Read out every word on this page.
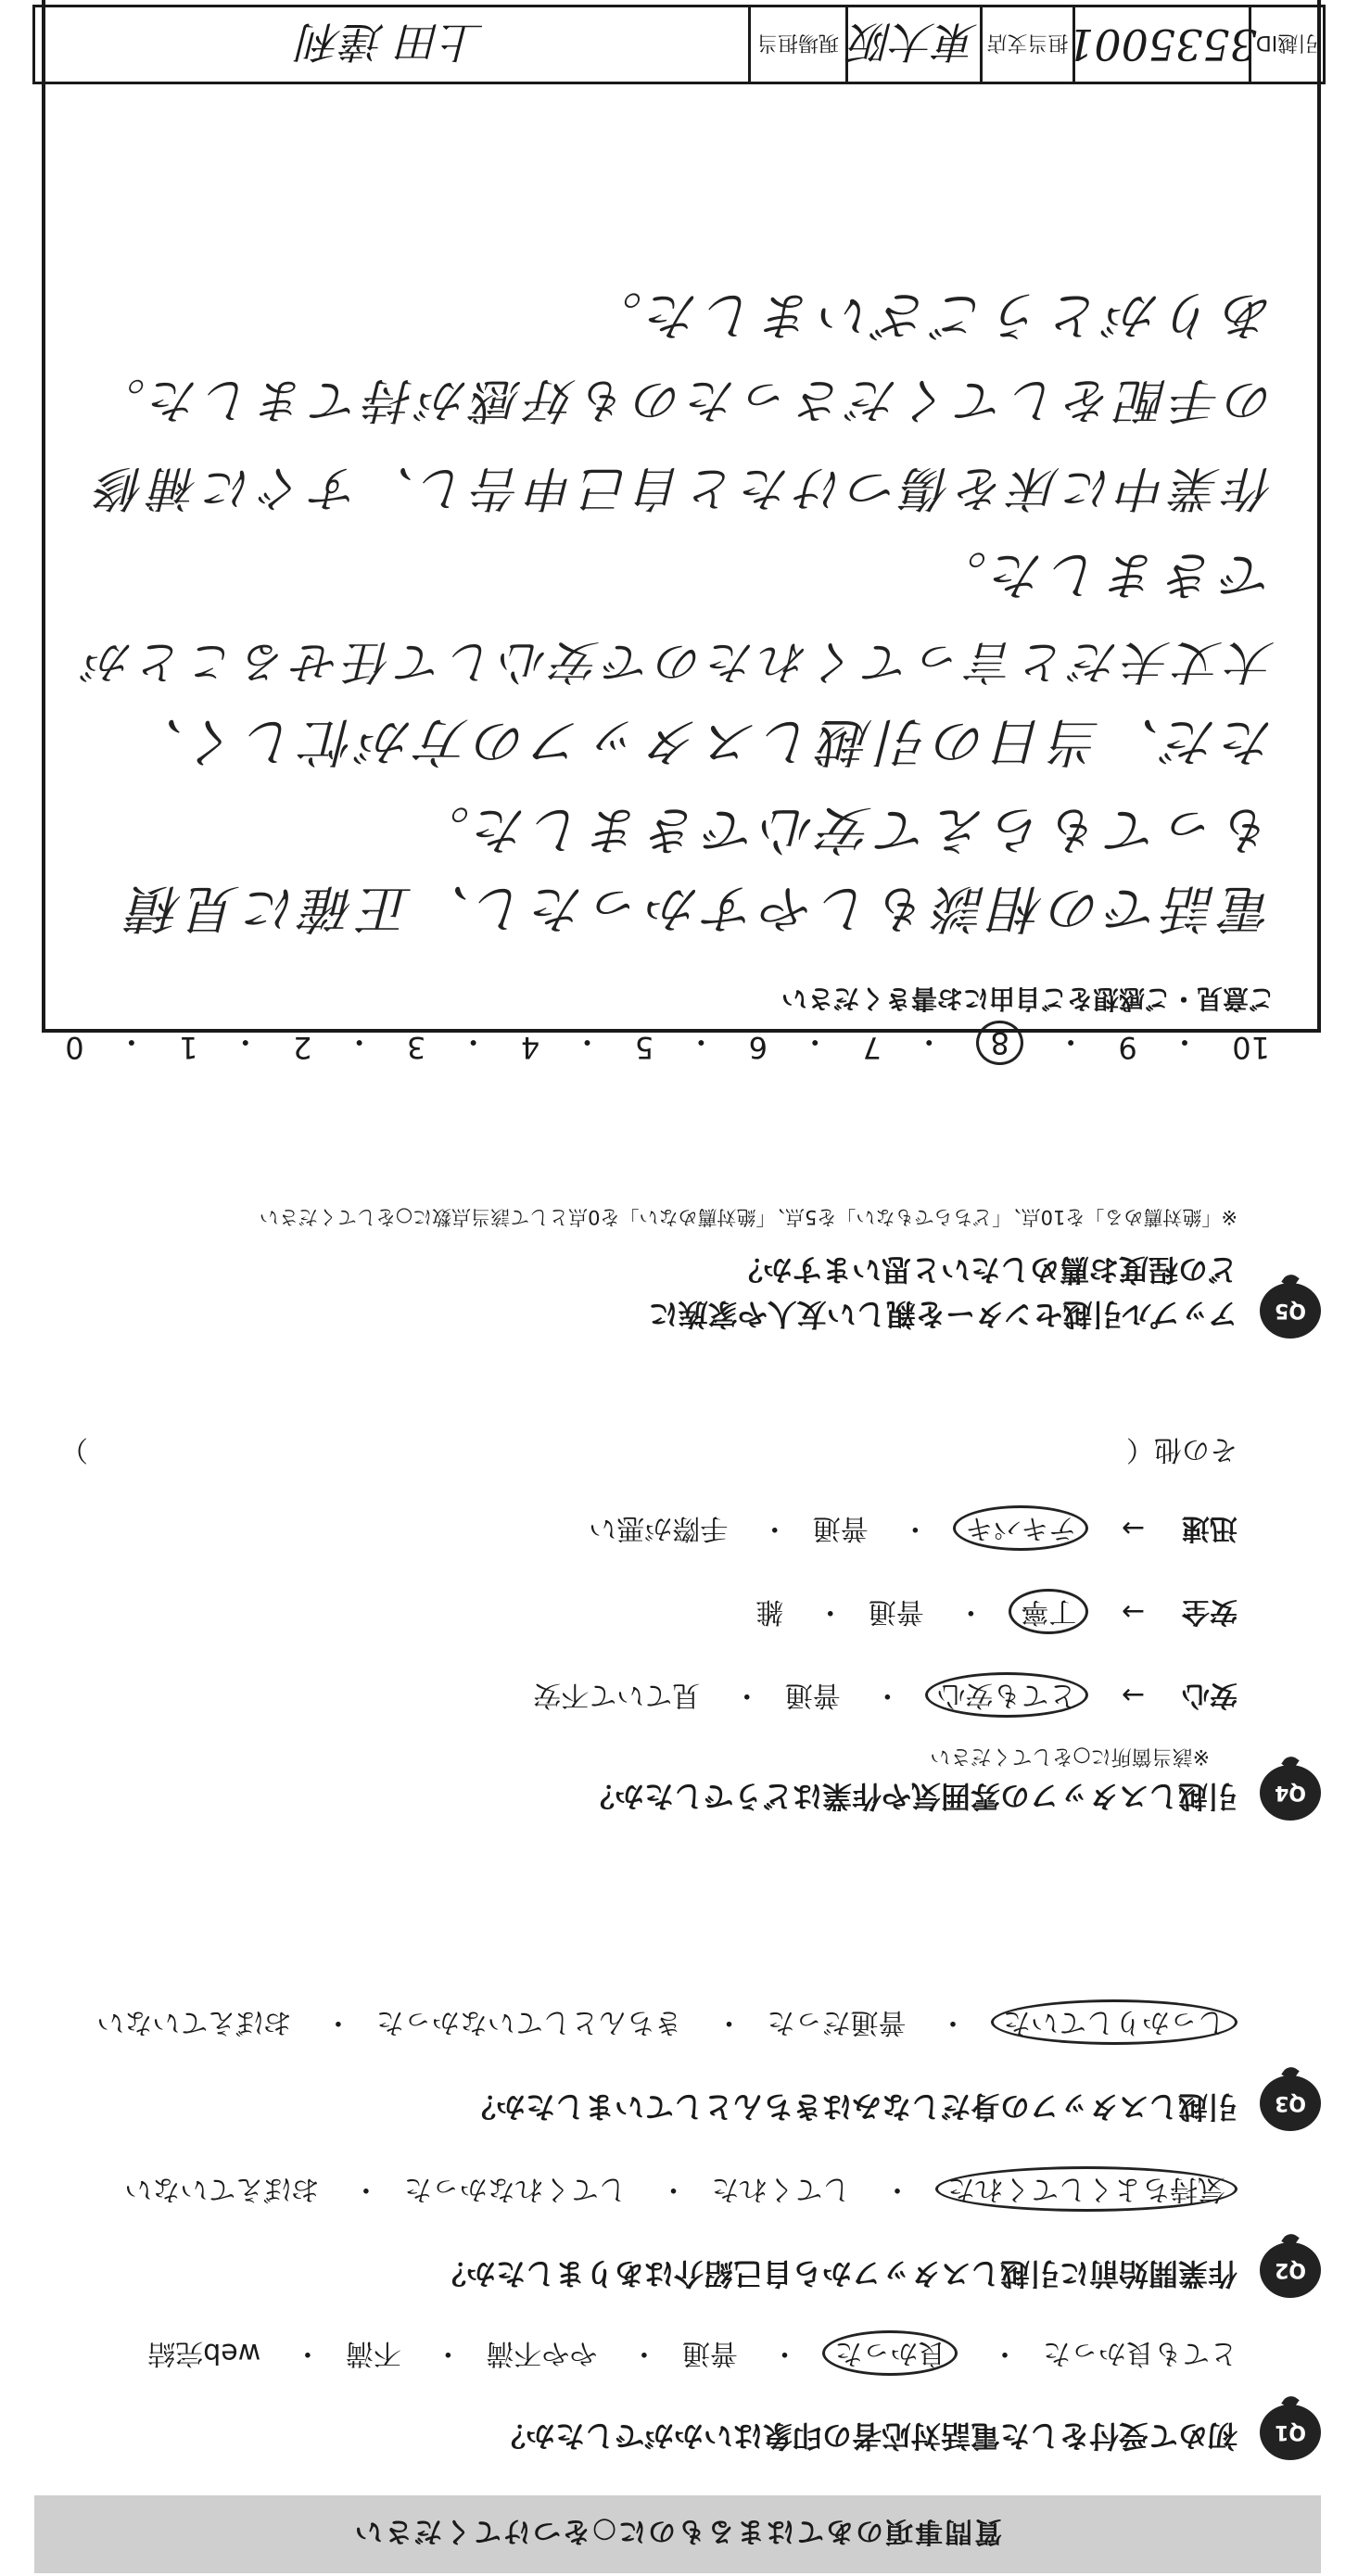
質問事項のあてはまるものに○をつけてください
Q1
初めて受付をした電話対応者の印象はいかがでしたか？
とても良かった・ 良かった・ 普通・ やや不満・ 不満・ web完結
Q2
作業開始前に引越しスタッフから自己紹介はありましたか？
気持ちよくしてくれた・ してくれた・ してくれなかった・ おぼえていない
Q3
引越しスタッフの身だしなみはきちんとしていましたか？
しっかりしていた・ 普通だった・ きちんとしていなかった・ おぼえていない
Q4
引越しスタッフの雰囲気や作業はどうでしたか？
※該当箇所に○をしてください
安心→ とても安心・ 普通・ 見ていて不安
安全→ 丁寧・ 普通・ 雑
迅速→ テキパキ・ 普通・ 手際が悪い
その他（
）
Q5
アップル引越センターを親しい友人や家族に
どの程度お薦めしたいと思いますか？
※「絶対薦める」を10点、「どちらでもない」を5点、「絶対薦めない」を0点として該当点数に○をしてください
10
・
9
・
8
・
7
・
6
・
5
・
4
・
3
・
2
・
1
・
0
ご意見・ご感想をご自由にお書きください
電話での相談もしやすかったし、正確に見積
もってもらえて安心できました。
ただ、当日の引越しスタッフの方が忙しく、
大丈夫だと言ってくれたので安心して任せることが
できました。
作業中に床を傷つけたと自己申告し、すぐに補修
の手配をしてくださったのも好感が持てました。
ありがとうございました。
引越ID
3535001
担当支店
東大阪
現場担当
上田 達利
